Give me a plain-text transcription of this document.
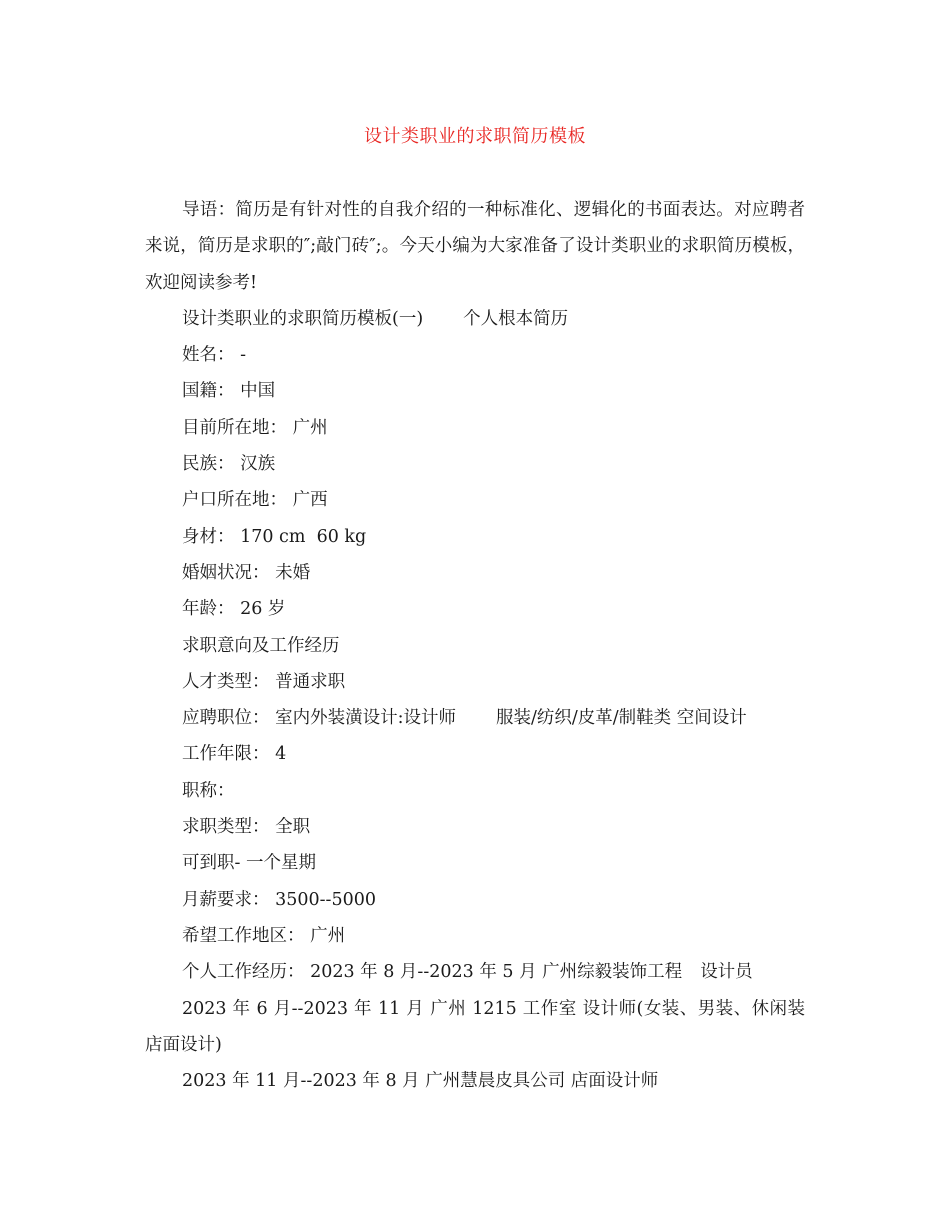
设计类职业的求职简历模板

导语：简历是有针对性的自我介绍的一种标准化、逻辑化的书面表达。对应聘者来说，简历是求职的″;敲门砖″;。今天小编为大家准备了设计类职业的求职简历模板，欢迎阅读参考!

设计类职业的求职简历模板(一) 个人根本简历

姓名： -

国籍： 中国

目前所在地： 广州

民族： 汉族

户口所在地： 广西

身材： 170 cm  60 kg

婚姻状况： 未婚

年龄： 26 岁

求职意向及工作经历

人才类型： 普通求职

应聘职位： 室内外装潢设计:设计师 服装/纺织/皮革/制鞋类 空间设计

工作年限： 4

职称：

求职类型： 全职

可到职- 一个星期

月薪要求： 3500--5000

希望工作地区： 广州

个人工作经历： 2023 年 8 月--2023 年 5 月 广州综毅装饰工程 设计员

2023 年 6 月--2023 年 11 月 广州 1215 工作室 设计师(女装、男装、休闲装店面设计)

2023 年 11 月--2023 年 8 月 广州慧晨皮具公司 店面设计师
